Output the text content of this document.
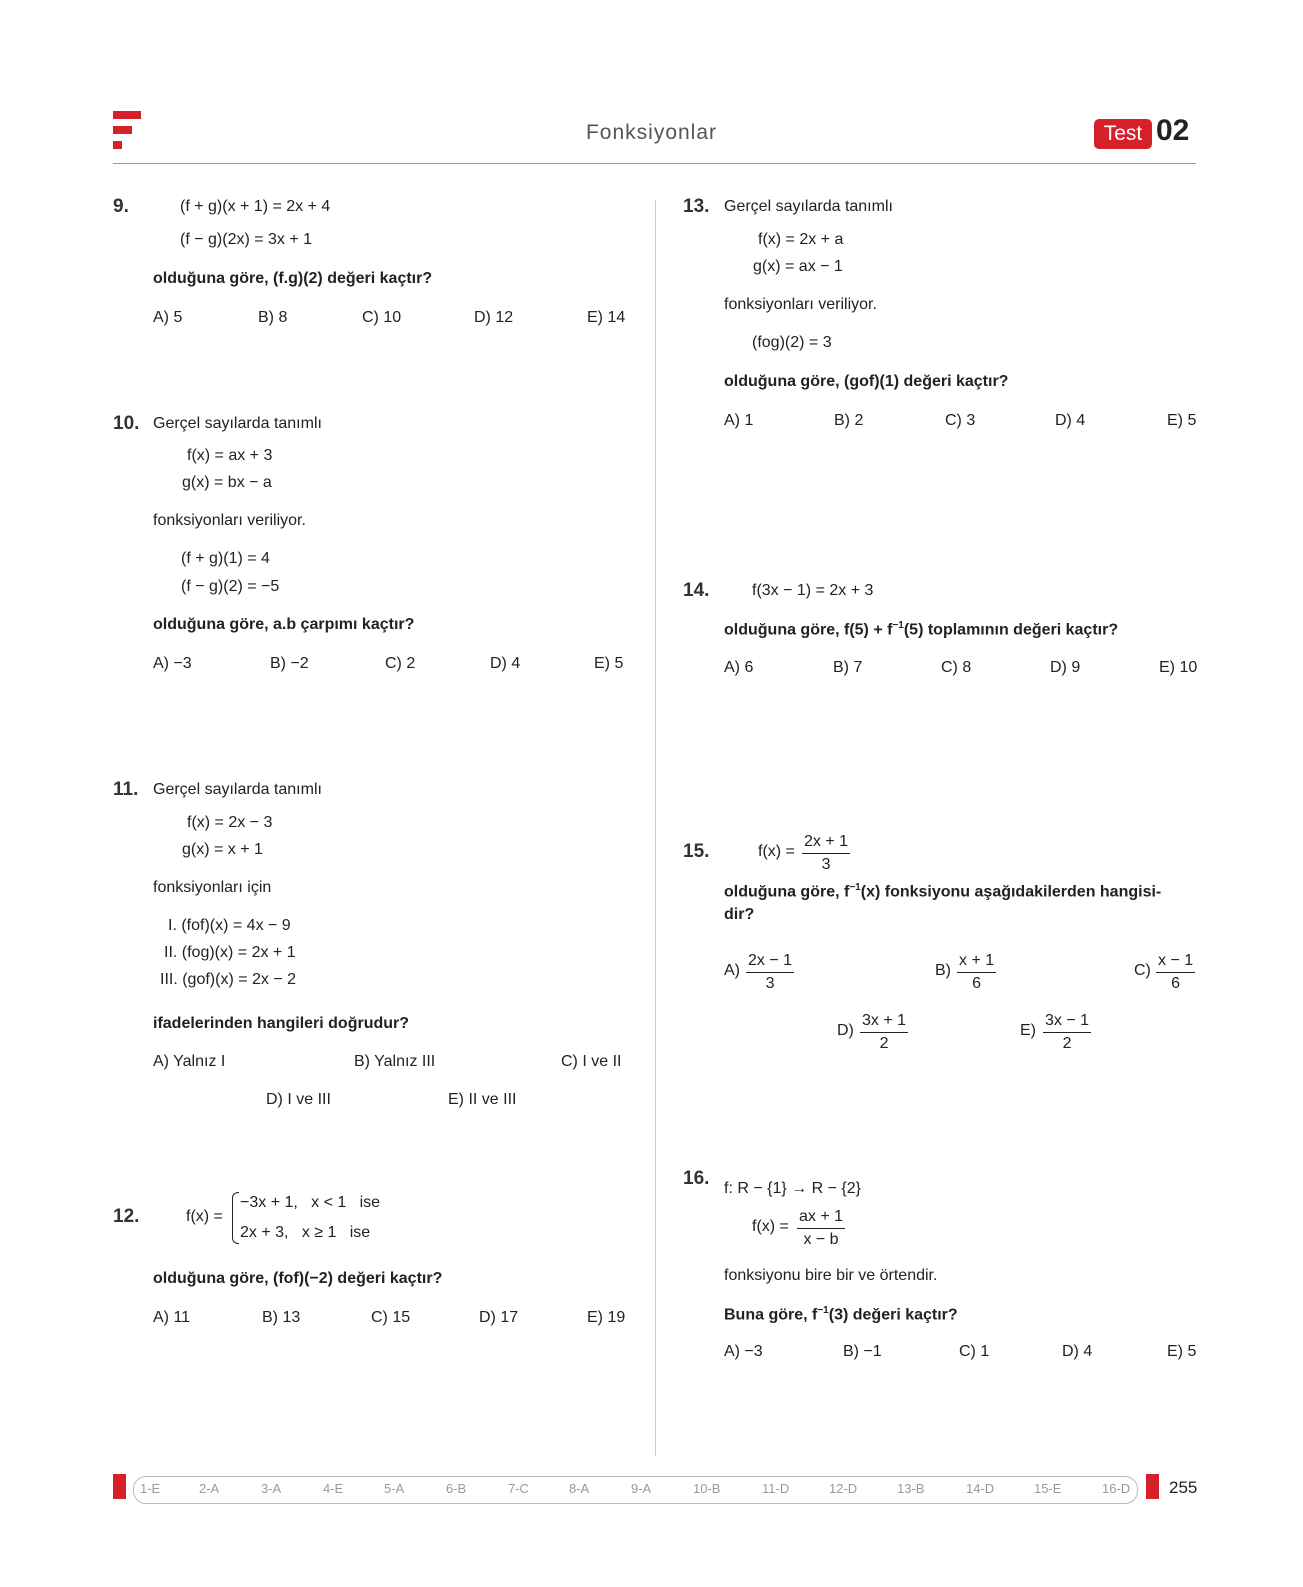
Fonksiyonlar	Test 02
9.	(f + g)(x + 1) = 2x + 4
(f − g)(2x) = 3x + 1
olduğuna göre, (f.g)(2) değeri kaçtır?
A) 5	B) 8	C) 10	D) 12	E) 14
10. Gerçel sayılarda tanımlı
f(x) = ax + 3
g(x) = bx − a
fonksiyonları veriliyor.
(f + g)(1) = 4
(f − g)(2) = −5
olduğuna göre, a.b çarpımı kaçtır?
A) −3	B) −2	C) 2	D) 4	E) 5
11. Gerçel sayılarda tanımlı
f(x) = 2x − 3
g(x) = x + 1
fonksiyonları için
I. (fof)(x) = 4x − 9
II. (fog)(x) = 2x + 1
III. (gof)(x) = 2x − 2
ifadelerinden hangileri doğrudur?
A) Yalnız I	B) Yalnız III	C) I ve II
D) I ve III	E) II ve III
12.	f(x) =
−3x + 1,   x < 1   ise
2x + 3,   x ≥ 1   ise
olduğuna göre, (fof)(−2) değeri kaçtır?
A) 11	B) 13	C) 15	D) 17	E) 19
13. Gerçel sayılarda tanımlı
f(x) = 2x + a
g(x) = ax − 1
fonksiyonları veriliyor.
(fog)(2) = 3
olduğuna göre, (gof)(1) değeri kaçtır?
A) 1	B) 2	C) 3	D) 4	E) 5
14.	f(3x − 1) = 2x + 3
olduğuna göre, $f(5) + f^{-1}(5)$ toplamının değeri kaçtır?
A) 6	B) 7	C) 8	D) 9	E) 10
15.	$f(x) = \frac{2x + 1}{3}$
olduğuna göre, $f^{-1}(x)$ fonksiyonu aşağıdakilerden hangisi-
dir?
$A) \frac{2x - 1}{3}$	$B) \frac{x + 1}{6}$	$C) \frac{x - 1}{6}$
$D) \frac{3x + 1}{2}$	$E) \frac{3x - 1}{2}$
16. f: R − {1} → R − {2}
$f(x) = \frac{ax + 1}{x - b}$
fonksiyonu bire bir ve örtendir.
Buna göre, $f^{-1}(3)$ değeri kaçtır?
A) −3	B) −1	C) 1	D) 4	E) 5
1-E	2-A	3-A	4-E	5-A	6-B	7-C	8-A	9-A	10-B	11-D	12-D	13-B	14-D	15-E	16-D 255
